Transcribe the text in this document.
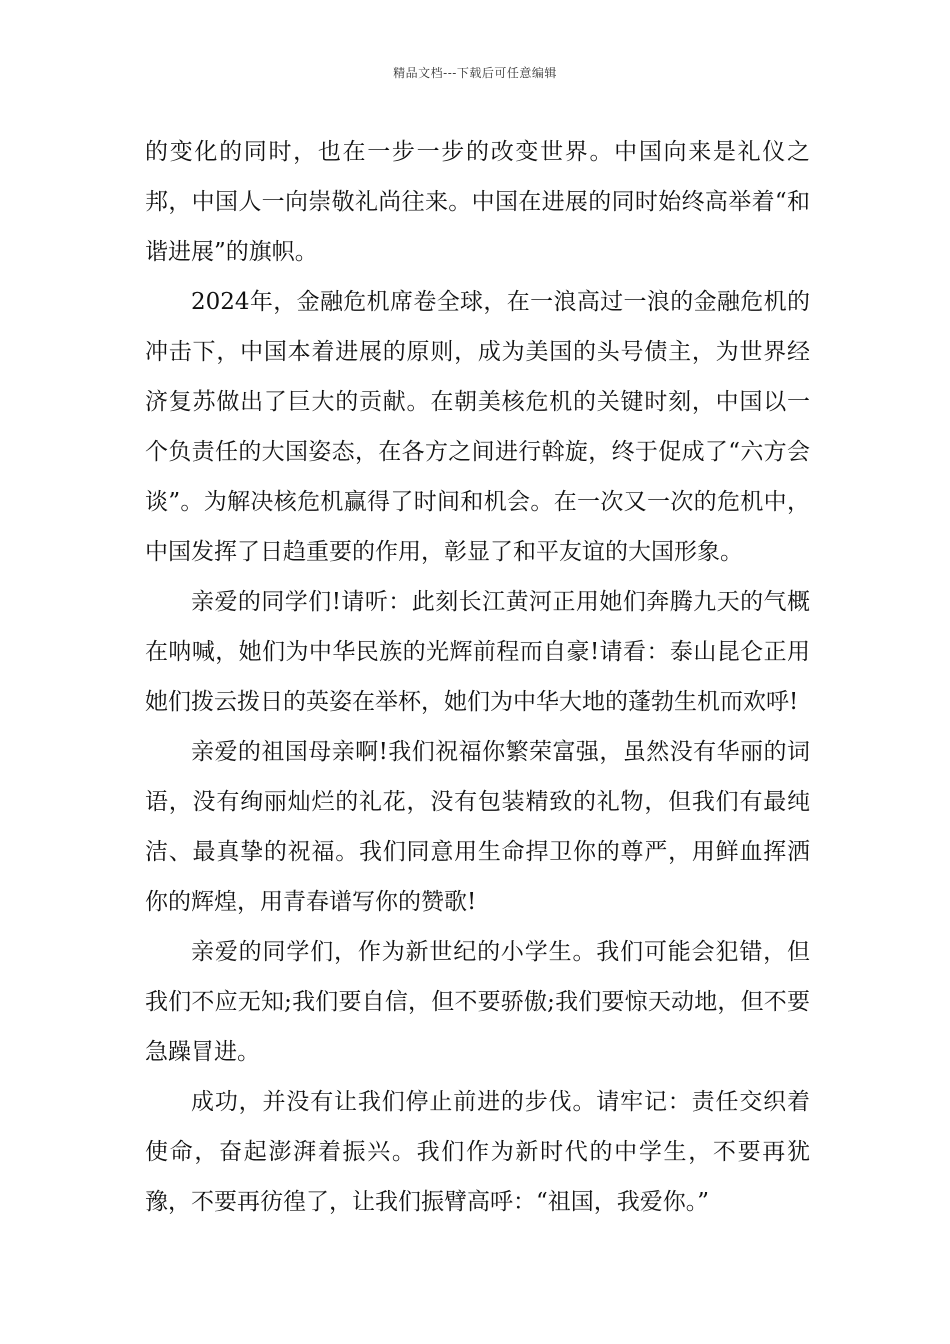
精品文档---下载后可任意编辑

的变化的同时，也在一步一步的改变世界。中国向来是礼仪之邦，中国人一向崇敬礼尚往来。中国在进展的同时始终高举着“和谐进展”的旗帜。

2024年，金融危机席卷全球，在一浪高过一浪的金融危机的冲击下，中国本着进展的原则，成为美国的头号债主，为世界经济复苏做出了巨大的贡献。在朝美核危机的关键时刻，中国以一个负责任的大国姿态，在各方之间进行斡旋，终于促成了“六方会谈”。为解决核危机赢得了时间和机会。在一次又一次的危机中，中国发挥了日趋重要的作用，彰显了和平友谊的大国形象。

亲爱的同学们!请听：此刻长江黄河正用她们奔腾九天的气概在呐喊，她们为中华民族的光辉前程而自豪!请看：泰山昆仑正用她们拨云拨日的英姿在举杯，她们为中华大地的蓬勃生机而欢呼!

亲爱的祖国母亲啊!我们祝福你繁荣富强，虽然没有华丽的词语，没有绚丽灿烂的礼花，没有包装精致的礼物，但我们有最纯洁、最真挚的祝福。我们同意用生命捍卫你的尊严，用鲜血挥洒你的辉煌，用青春谱写你的赞歌!

亲爱的同学们，作为新世纪的小学生。我们可能会犯错，但我们不应无知;我们要自信，但不要骄傲;我们要惊天动地，但不要急躁冒进。

成功，并没有让我们停止前进的步伐。请牢记：责任交织着使命，奋起澎湃着振兴。我们作为新时代的中学生，不要再犹豫，不要再彷徨了，让我们振臂高呼：“祖国，我爱你。”
